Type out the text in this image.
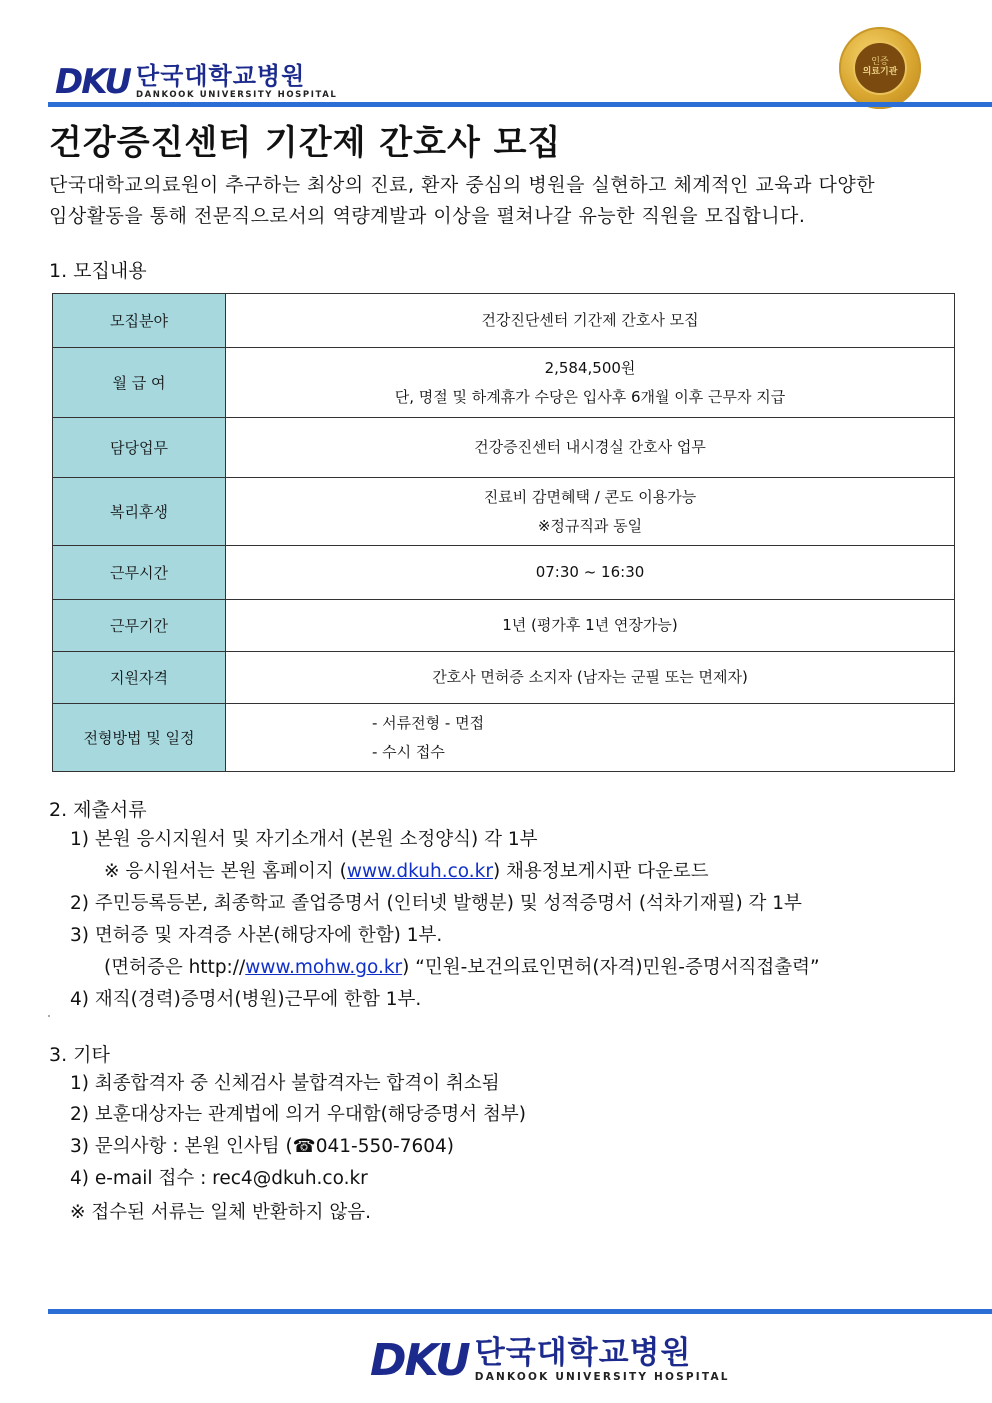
DKU 단국대학교병원
DANKOOK UNIVERSITY HOSPITAL
인증
의료기관
건강증진센터 기간제 간호사 모집
단국대학교의료원이 추구하는 최상의 진료, 환자 중심의 병원을 실현하고 체계적인 교육과 다양한
임상활동을 통해 전문직으로서의 역량계발과 이상을 펼쳐나갈 유능한 직원을 모집합니다.
1. 모집내용
모집분야	건강진단센터 기간제 간호사 모집

월 급 여	2,584,500원
단, 명절 및 하계휴가 수당은 입사후 6개월 이후 근무자 지급

담당업무	건강증진센터 내시경실 간호사 업무

복리후생	진료비 감면혜택 / 콘도 이용가능
※정규직과 동일

근무시간	07:30 ~ 16:30

근무기간	1년 (평가후 1년 연장가능)

지원자격	간호사 면허증 소지자 (남자는 군필 또는 면제자)

전형방법 및 일정	- 서류전형 - 면접
- 수시 접수
2. 제출서류
1) 본원 응시지원서 및 자기소개서 (본원 소정양식) 각 1부
※ 응시원서는 본원 홈페이지 (www.dkuh.co.kr) 채용정보게시판 다운로드
2) 주민등록등본, 최종학교 졸업증명서 (인터넷 발행분) 및 성적증명서 (석차기재필) 각 1부
3) 면허증 및 자격증 사본(해당자에 한함) 1부.
(면허증은 http://www.mohw.go.kr) “민원-보건의료인면허(자격)민원-증명서직접출력”
4) 재직(경력)증명서(병원)근무에 한함 1부.
3. 기타
1) 최종합격자 중 신체검사 불합격자는 합격이 취소됨
2) 보훈대상자는 관계법에 의거 우대함(해당증명서 첨부)
3) 문의사항 : 본원 인사팀 (☎041-550-7604)
4) e-mail 접수 : rec4@dkuh.co.kr
※ 접수된 서류는 일체 반환하지 않음.
DKU 단국대학교병원
DANKOOK UNIVERSITY HOSPITAL
